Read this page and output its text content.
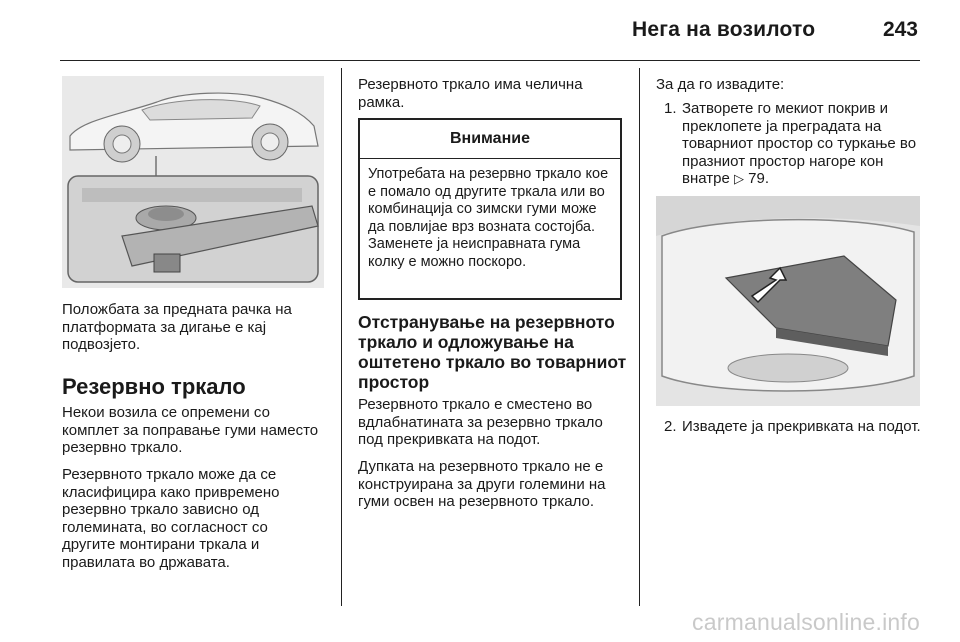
Нега на возилото	243
Положбата за предната рачка на платформата за дигање е кај подвозјето.
Резервно тркало

Некои возила се опремени со комплет за поправање гуми наместо резервно тркало.

Резервното тркало може да се класифицира како привремено резервно тркало зависно од големината, во согласност со другите монтирани тркала и правилата во државата.

Резервното тркало има челична рамка.

Внимание
Употребата на резервно тркало кое е помало од другите тркала или во комбинација со зимски гуми може да повлијае врз возната состојба. Заменете ја неисправната гума колку е можно поскоро.
Отстранување на резервното тркало и одложување на оштетено тркало во товарниот простор

Резервното тркало е сместено во вдлабнатината за резервно тркало под прекривката на подот.

Дупката на резервното тркало не е конструирана за други големини на гуми освен на резервното тркало.

За да го извадите:

1. Затворете го мекиот покрив и преклопете ја преградата на товарниот простор со туркање во празниот простор нагоре кон внатре ▷ 79.
2. Извадете ја прекривката на подот.
carmanualsonline.info
